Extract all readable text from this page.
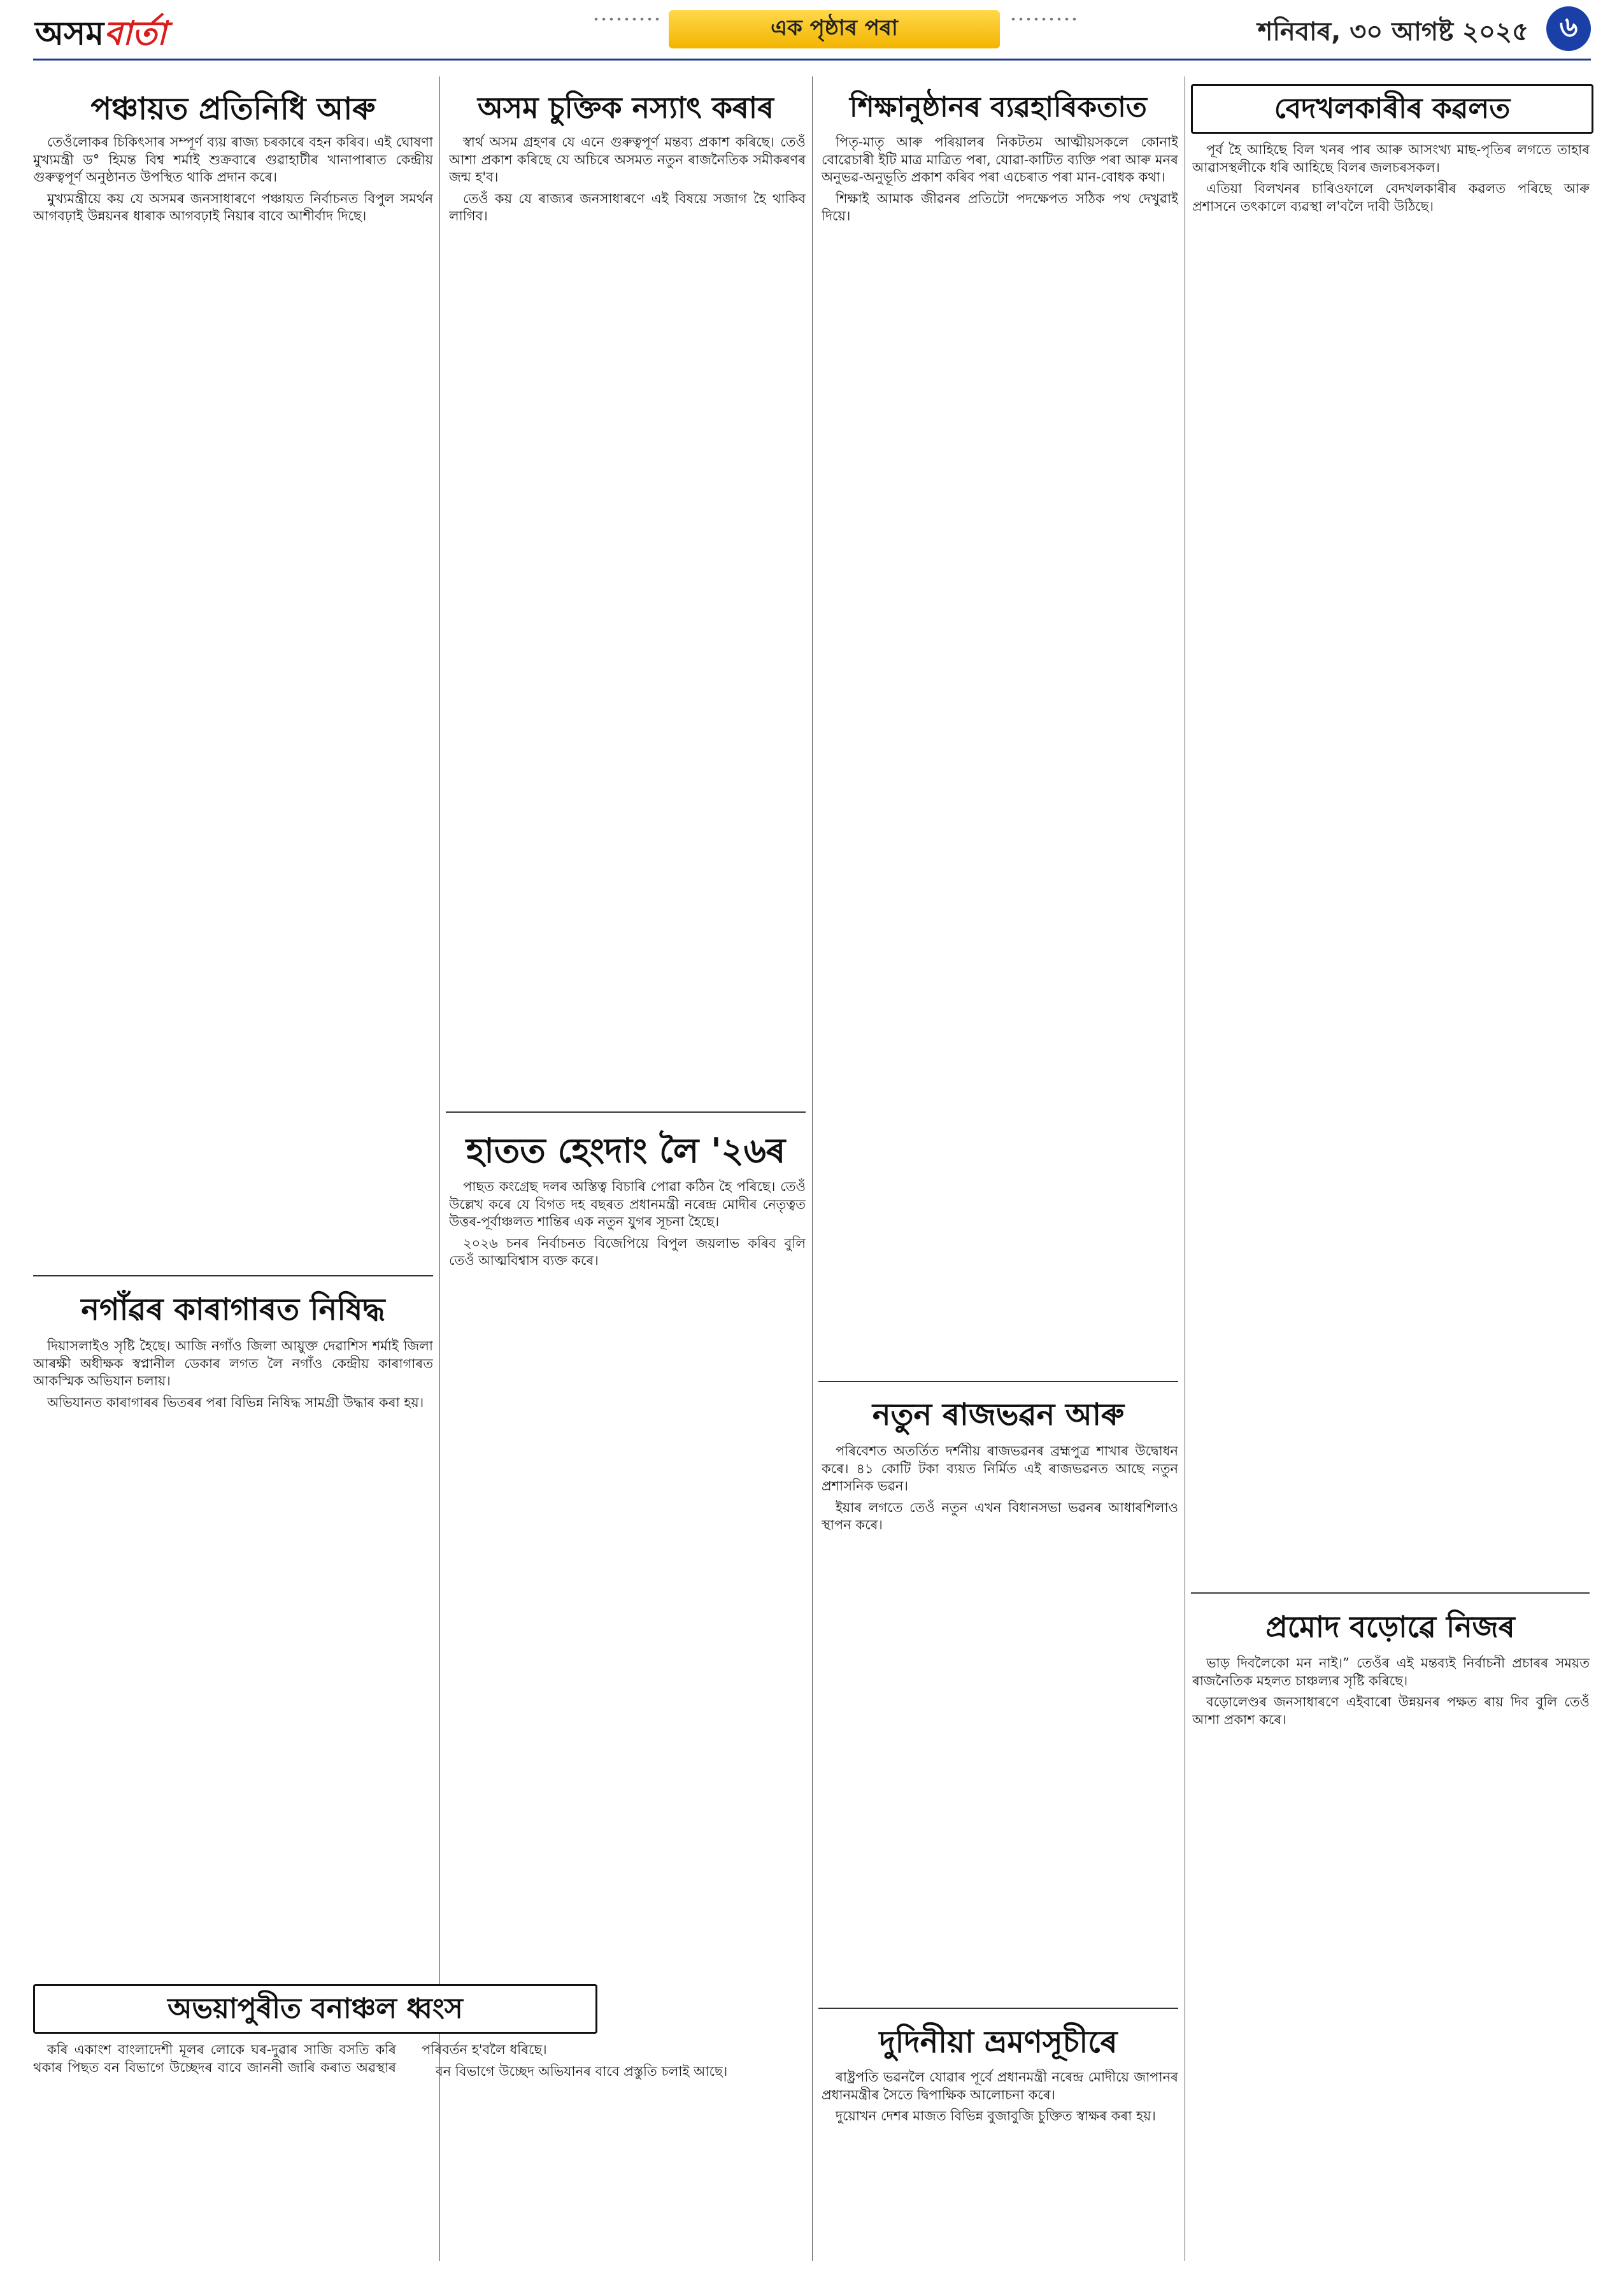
অসম বাৰ্তা	এক পৃষ্ঠাৰ পৰা	শনিবাৰ, ৩০ আগষ্ট ২০২৫	৬
পঞ্চায়ত প্ৰতিনিধি আৰু

তেওঁলোকৰ চিকিৎসাৰ সম্পূৰ্ণ ব্যয় ৰাজ্য চৰকাৰে বহন কৰিব। এই ঘোষণা মুখ্যমন্ত্ৰী ড° হিমন্ত বিশ্ব শৰ্মাই শুক্ৰবাৰে গুৱাহাটীৰ খানাপাৰাত কেন্দ্ৰীয় গুৰুত্বপূৰ্ণ অনুষ্ঠানত উপস্থিত থাকি প্ৰদান কৰে।

মুখ্যমন্ত্ৰীয়ে কয় যে অসমৰ জনসাধাৰণে পঞ্চায়ত নিৰ্বাচনত বিপুল সমৰ্থন আগবঢ়াই উন্নয়নৰ ধাৰাক আগবঢ়াই নিয়াৰ বাবে আশীৰ্বাদ দিছে।

নগাঁৱৰ কাৰাগাৰত নিষিদ্ধ

দিয়াসলাইও সৃষ্টি হৈছে। আজি নগাঁও জিলা আয়ুক্ত দেৱাশিস শৰ্মাই জিলা আৰক্ষী অধীক্ষক স্বপ্নানীল ডেকাৰ লগত লৈ নগাঁও কেন্দ্ৰীয় কাৰাগাৰত আকস্মিক অভিযান চলায়।

অভিযানত কাৰাগাৰৰ ভিতৰৰ পৰা বিভিন্ন নিষিদ্ধ সামগ্ৰী উদ্ধাৰ কৰা হয়।

অভয়াপুৰীত বনাঞ্চল ধ্বংস

কৰি একাংশ বাংলাদেশী মূলৰ লোকে ঘৰ-দুৱাৰ সাজি বসতি কৰি থকাৰ পিছত বন বিভাগে উচ্ছেদৰ বাবে জাননী জাৰি কৰাত অৱস্থাৰ পৰিবৰ্তন হ'বলৈ ধৰিছে।

বন বিভাগে উচ্ছেদ অভিযানৰ বাবে প্ৰস্তুতি চলাই আছে।

অসম চুক্তিক নস্যাৎ কৰাৰ

স্বাৰ্থ অসম গ্ৰহণৰ যে এনে গুৰুত্বপূৰ্ণ মন্তব্য প্ৰকাশ কৰিছে। তেওঁ আশা প্ৰকাশ কৰিছে যে অচিৰে অসমত নতুন ৰাজনৈতিক সমীকৰণৰ জন্ম হ'ব।

তেওঁ কয় যে ৰাজ্যৰ জনসাধাৰণে এই বিষয়ে সজাগ হৈ থাকিব লাগিব।

হাতত হেংদাং লৈ '২৬ৰ

পাছত কংগ্ৰেছ দলৰ অস্তিত্ব বিচাৰি পোৱা কঠিন হৈ পৰিছে। তেওঁ উল্লেখ কৰে যে বিগত দহ বছৰত প্ৰধানমন্ত্ৰী নৰেন্দ্ৰ মোদীৰ নেতৃত্বত উত্তৰ-পূৰ্বাঞ্চলত শান্তিৰ এক নতুন যুগৰ সূচনা হৈছে।

২০২৬ চনৰ নিৰ্বাচনত বিজেপিয়ে বিপুল জয়লাভ কৰিব বুলি তেওঁ আত্মবিশ্বাস ব্যক্ত কৰে।

শিক্ষানুষ্ঠানৰ ব্যৱহাৰিকতাত

পিতৃ-মাতৃ আৰু পৰিয়ালৰ নিকটতম আত্মীয়সকলে কোনাই বোৱেচাৰী ইটি মাত্ৰ মাত্ৰিত পৰা, যোৱা-কাটিত ব্যক্তি পৰা আৰু মনৰ অনুভৱ-অনুভূতি প্ৰকাশ কৰিব পৰা এচেৰাত পৰা মান-বোধক কথা।

শিক্ষাই আমাক জীৱনৰ প্ৰতিটো পদক্ষেপত সঠিক পথ দেখুৱাই দিয়ে।

নতুন ৰাজভৱন আৰু

পৰিবেশত অতৰ্তিত দৰ্শনীয় ৰাজভৱনৰ ব্ৰহ্মপুত্ৰ শাখাৰ উদ্বোধন কৰে। ৪১ কোটি টকা ব্যয়ত নিৰ্মিত এই ৰাজভৱনত আছে নতুন প্ৰশাসনিক ভৱন।

ইয়াৰ লগতে তেওঁ নতুন এখন বিধানসভা ভৱনৰ আধাৰশিলাও স্থাপন কৰে।

দুদিনীয়া ভ্ৰমণসূচীৰে

ৰাষ্ট্ৰপতি ভৱনলৈ যোৱাৰ পূৰ্বে প্ৰধানমন্ত্ৰী নৰেন্দ্ৰ মোদীয়ে জাপানৰ প্ৰধানমন্ত্ৰীৰ সৈতে দ্বিপাক্ষিক আলোচনা কৰে।

দুয়োখন দেশৰ মাজত বিভিন্ন বুজাবুজি চুক্তিত স্বাক্ষৰ কৰা হয়।

বেদখলকাৰীৰ কৱলত

পূৰ্ব হৈ আহিছে বিল খনৰ পাৰ আৰু আসংখ্য মাছ-পৃতিৰ লগতে তাহাৰ আৱাসস্থলীকে ধৰি আহিছে বিলৰ জলচৰসকল।

এতিয়া বিলখনৰ চাৰিওফালে বেদখলকাৰীৰ কৱলত পৰিছে আৰু প্ৰশাসনে তৎকালে ব্যৱস্থা ল'বলৈ দাবী উঠিছে।

প্ৰমোদ বড়োৱে নিজৰ

ভাড় দিবলৈকো মন নাই।” তেওঁৰ এই মন্তব্যই নিৰ্বাচনী প্ৰচাৰৰ সময়ত ৰাজনৈতিক মহলত চাঞ্চল্যৰ সৃষ্টি কৰিছে।

বড়োলেণ্ডৰ জনসাধাৰণে এইবাৰো উন্নয়নৰ পক্ষত ৰায় দিব বুলি তেওঁ আশা প্ৰকাশ কৰে।
